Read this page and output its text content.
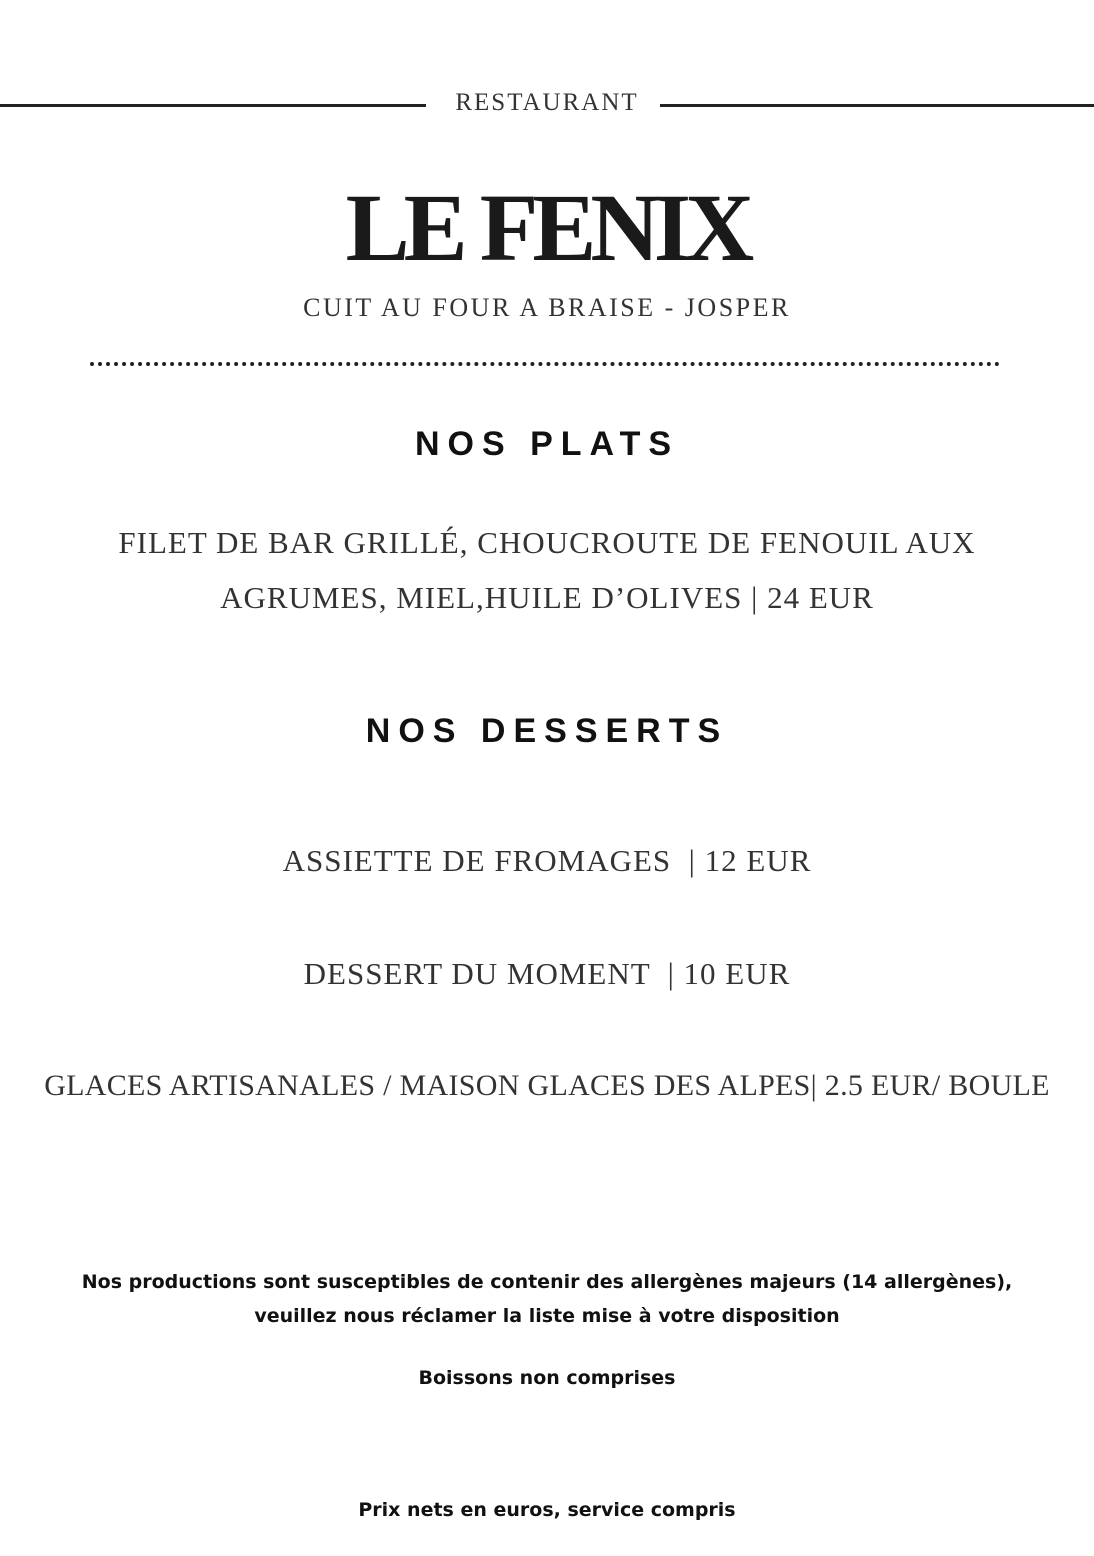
RESTAURANT
LE FENIX
CUIT AU FOUR A BRAISE - JOSPER
NOS PLATS
FILET DE BAR GRILLÉ, CHOUCROUTE DE FENOUIL AUX
AGRUMES, MIEL,HUILE D’OLIVES | 24 EUR
NOS DESSERTS
ASSIETTE DE FROMAGES  | 12 EUR
DESSERT DU MOMENT  | 10 EUR
GLACES ARTISANALES / MAISON GLACES DES ALPES| 2.5 EUR/ BOULE
Nos productions sont susceptibles de contenir des allergènes majeurs (14 allergènes),
veuillez nous réclamer la liste mise à votre disposition
Boissons non comprises
Prix nets en euros, service compris
